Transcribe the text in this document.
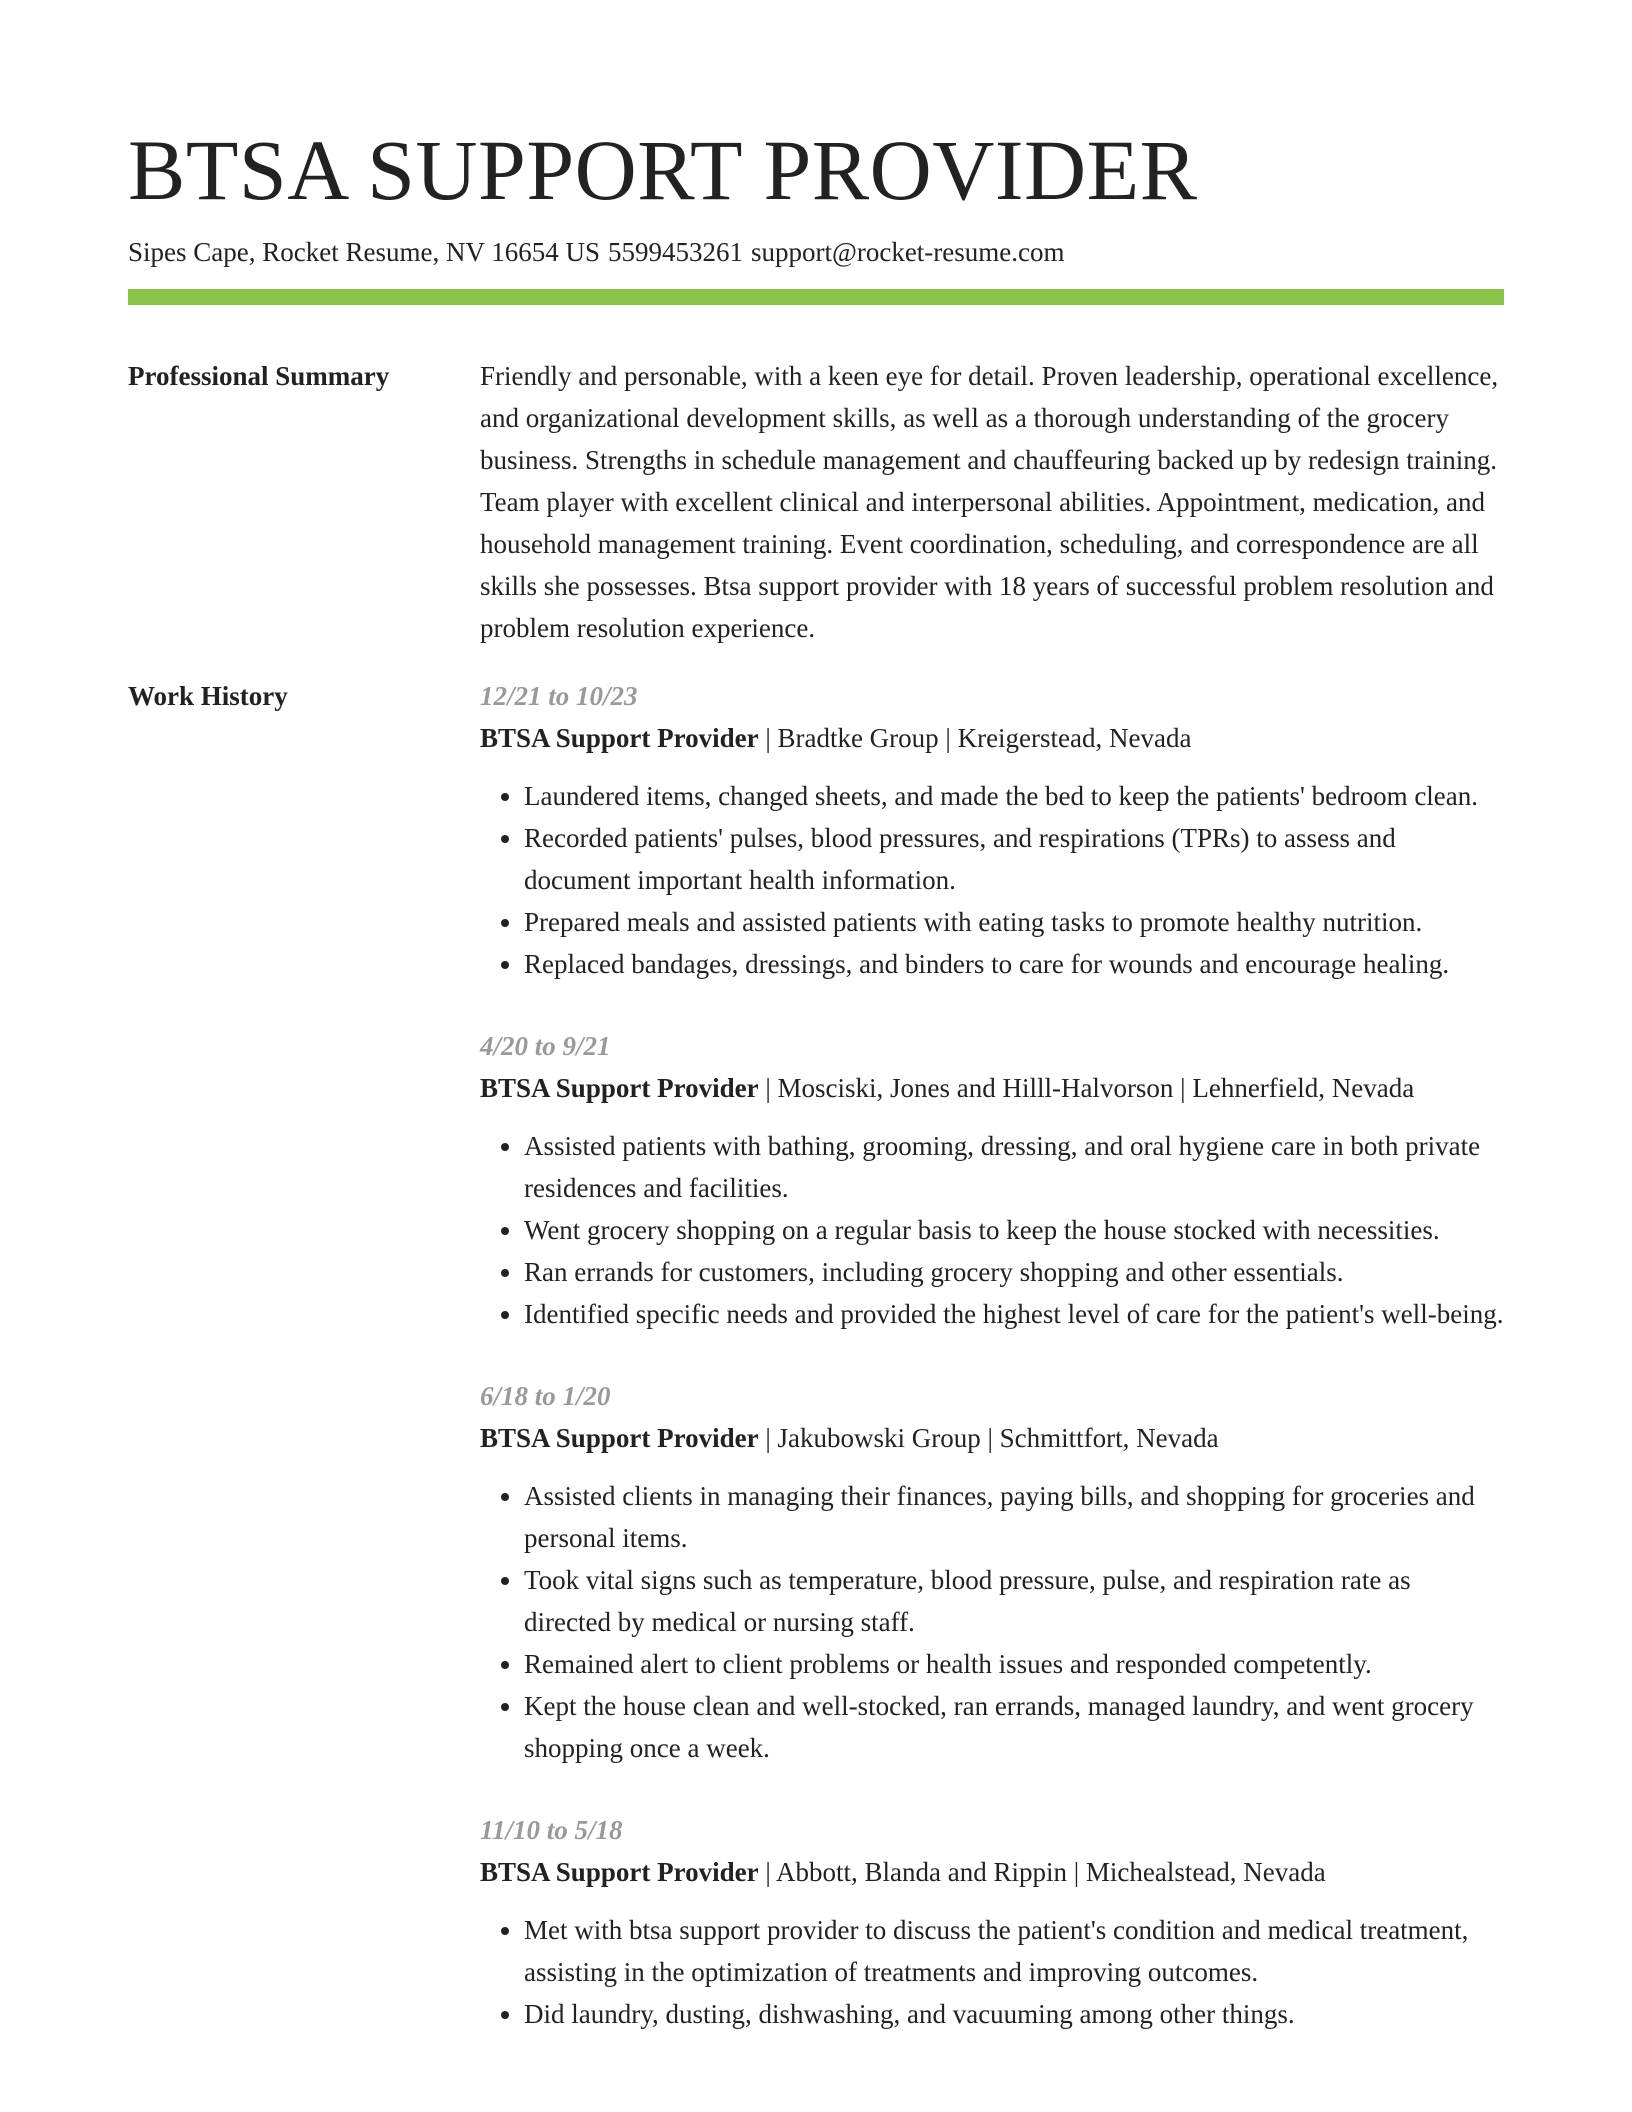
BTSA SUPPORT PROVIDER
Sipes Cape, Rocket Resume, NV 16654 US 5599453261 support@rocket-resume.com
Professional Summary	Friendly and personable, with a keen eye for detail. Proven leadership, operational excellence, and organizational development skills, as well as a thorough understanding of the grocery business. Strengths in schedule management and chauffeuring backed up by redesign training. Team player with excellent clinical and interpersonal abilities. Appointment, medication, and household management training. Event coordination, scheduling, and correspondence are all skills she possesses. Btsa support provider with 18 years of successful problem resolution and problem resolution experience.

Work History	12/21 to 10/23
BTSA Support Provider | Bradtke Group | Kreigerstead, Nevada
• Laundered items, changed sheets, and made the bed to keep the patients' bedroom clean.
• Recorded patients' pulses, blood pressures, and respirations (TPRs) to assess and document important health information.
• Prepared meals and assisted patients with eating tasks to promote healthy nutrition.
• Replaced bandages, dressings, and binders to care for wounds and encourage healing.
4/20 to 9/21
BTSA Support Provider | Mosciski, Jones and Hilll-Halvorson | Lehnerfield, Nevada
• Assisted patients with bathing, grooming, dressing, and oral hygiene care in both private residences and facilities.
• Went grocery shopping on a regular basis to keep the house stocked with necessities.
• Ran errands for customers, including grocery shopping and other essentials.
• Identified specific needs and provided the highest level of care for the patient's well-being.
6/18 to 1/20
BTSA Support Provider | Jakubowski Group | Schmittfort, Nevada
• Assisted clients in managing their finances, paying bills, and shopping for groceries and personal items.
• Took vital signs such as temperature, blood pressure, pulse, and respiration rate as directed by medical or nursing staff.
• Remained alert to client problems or health issues and responded competently.
• Kept the house clean and well-stocked, ran errands, managed laundry, and went grocery shopping once a week.
11/10 to 5/18
BTSA Support Provider | Abbott, Blanda and Rippin | Michealstead, Nevada
• Met with btsa support provider to discuss the patient's condition and medical treatment, assisting in the optimization of treatments and improving outcomes.
• Did laundry, dusting, dishwashing, and vacuuming among other things.
